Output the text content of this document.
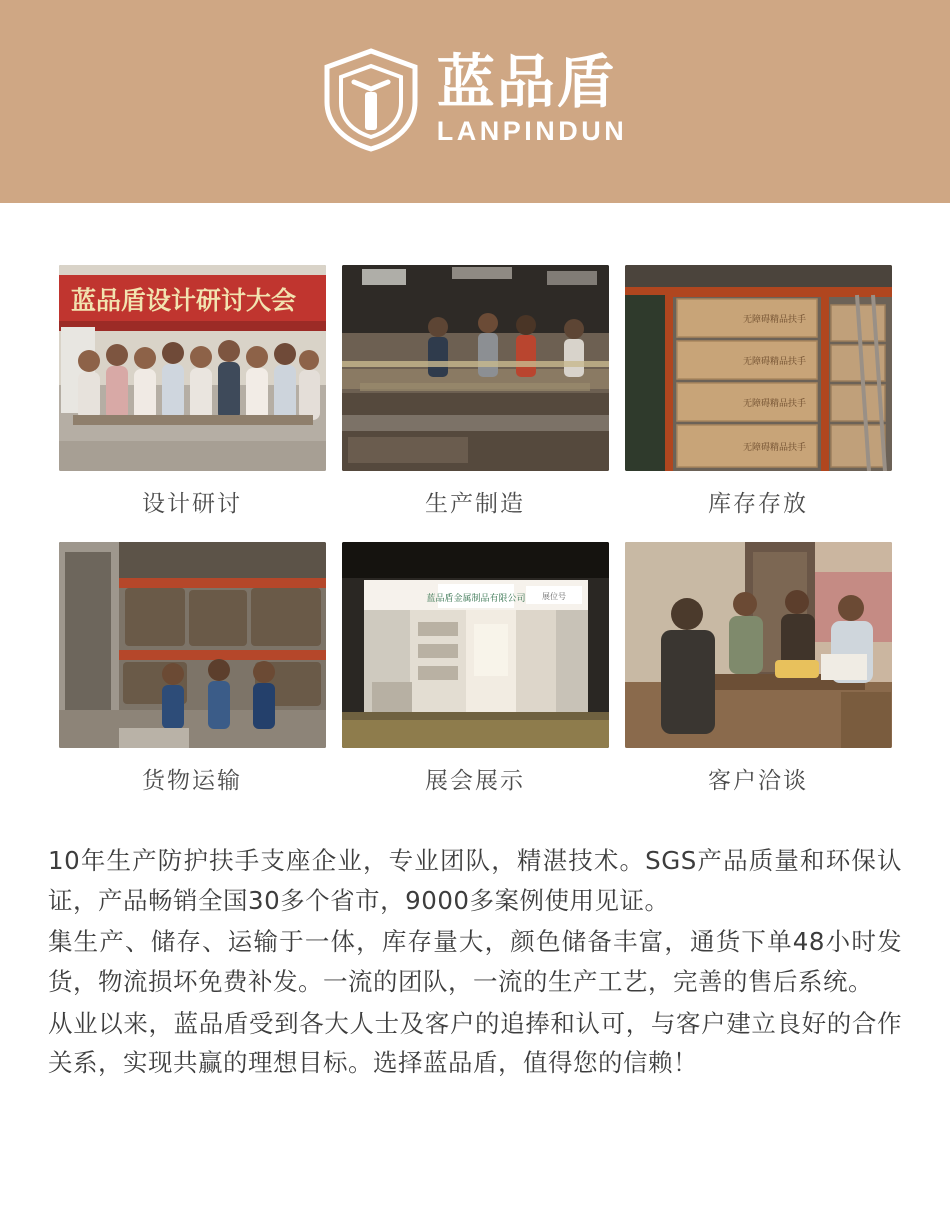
蓝品盾
LANPINDUN
蓝品盾设计研讨大会
设计研讨	生产制造
无障碍精品扶手
无障碍精品扶手
无障碍精品扶手
无障碍精品扶手
库存存放
货物运输
蓝品盾金属制品有限公司 展位号
展会展示	客户洽谈

10年生产防护扶手支座企业，专业团队，精湛技术。SGS产品质量和环保认证，产品畅销全国30多个省市，9000多案例使用见证。

集生产、储存、运输于一体，库存量大，颜色储备丰富，通货下单48小时发货，物流损坏免费补发。一流的团队，一流的生产工艺，完善的售后系统。

从业以来，蓝品盾受到各大人士及客户的追捧和认可，与客户建立良好的合作关系，实现共赢的理想目标。选择蓝品盾，值得您的信赖！
